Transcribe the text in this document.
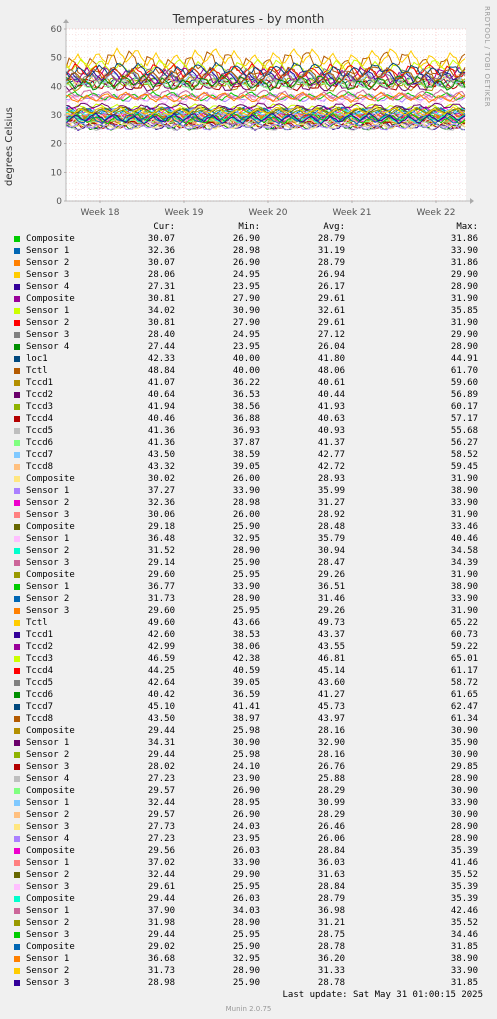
0
10
20
30
40
50
60
Week 18	Week 19	Week 20	Week 21	Week 22
Temperatures - by month
degrees Celsius
RRDTOOL / TOBI OETIKER
Cur:	Min:	Avg:	Max:
Composite	30.07	26.90	28.79	31.86
Sensor 1	32.36	28.98	31.19	33.90
Sensor 2	30.07	26.90	28.79	31.86
Sensor 3	28.06	24.95	26.94	29.90
Sensor 4	27.31	23.95	26.17	28.90
Composite	30.81	27.90	29.61	31.90
Sensor 1	34.02	30.90	32.61	35.85
Sensor 2	30.81	27.90	29.61	31.90
Sensor 3	28.40	24.95	27.12	29.90
Sensor 4	27.44	23.95	26.04	28.90
loc1	42.33	40.00	41.80	44.91
Tctl	48.84	40.00	48.06	61.70
Tccd1	41.07	36.22	40.61	59.60
Tccd2	40.64	36.53	40.44	56.89
Tccd3	41.94	38.56	41.93	60.17
Tccd4	40.46	36.88	40.63	57.17
Tccd5	41.36	36.93	40.93	55.68
Tccd6	41.36	37.87	41.37	56.27
Tccd7	43.50	38.59	42.77	58.52
Tccd8	43.32	39.05	42.72	59.45
Composite	30.02	26.00	28.93	31.90
Sensor 1	37.27	33.90	35.99	38.90
Sensor 2	32.36	28.98	31.27	33.90
Sensor 3	30.06	26.00	28.92	31.90
Composite	29.18	25.90	28.48	33.46
Sensor 1	36.48	32.95	35.79	40.46
Sensor 2	31.52	28.90	30.94	34.58
Sensor 3	29.14	25.90	28.47	34.39
Composite	29.60	25.95	29.26	31.90
Sensor 1	36.77	33.90	36.51	38.90
Sensor 2	31.73	28.90	31.46	33.90
Sensor 3	29.60	25.95	29.26	31.90
Tctl	49.60	43.66	49.73	65.22
Tccd1	42.60	38.53	43.37	60.73
Tccd2	42.99	38.06	43.55	59.22
Tccd3	46.59	42.38	46.81	65.01
Tccd4	44.25	40.59	45.14	61.17
Tccd5	42.64	39.05	43.60	58.72
Tccd6	40.42	36.59	41.27	61.65
Tccd7	45.10	41.41	45.73	62.47
Tccd8	43.50	38.97	43.97	61.34
Composite	29.44	25.98	28.16	30.90
Sensor 1	34.31	30.90	32.90	35.90
Sensor 2	29.44	25.98	28.16	30.90
Sensor 3	28.02	24.10	26.76	29.85
Sensor 4	27.23	23.90	25.88	28.90
Composite	29.57	26.90	28.29	30.90
Sensor 1	32.44	28.95	30.99	33.90
Sensor 2	29.57	26.90	28.29	30.90
Sensor 3	27.73	24.03	26.46	28.90
Sensor 4	27.23	23.95	26.06	28.90
Composite	29.56	26.03	28.84	35.39
Sensor 1	37.02	33.90	36.03	41.46
Sensor 2	32.44	29.90	31.63	35.52
Sensor 3	29.61	25.95	28.84	35.39
Composite	29.44	26.03	28.79	35.39
Sensor 1	37.90	34.03	36.98	42.46
Sensor 2	31.98	28.90	31.21	35.52
Sensor 3	29.44	25.95	28.75	34.46
Composite	29.02	25.90	28.78	31.85
Sensor 1	36.68	32.95	36.20	38.90
Sensor 2	31.73	28.90	31.33	33.90
Sensor 3	28.98	25.90	28.78	31.85
Last update: Sat May 31 01:00:15 2025
Munin 2.0.75
